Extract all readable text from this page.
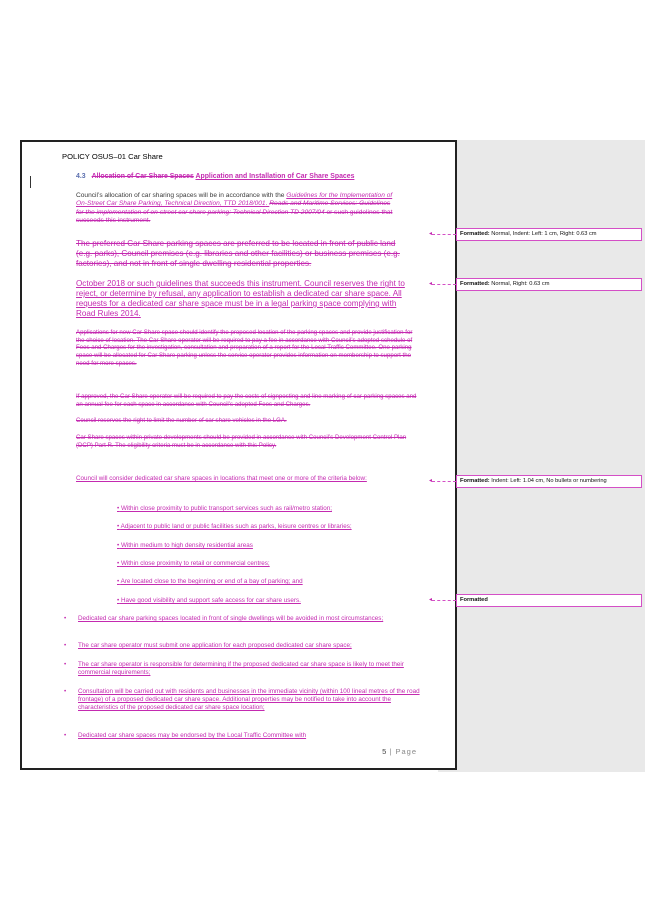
POLICY OSUS–01 Car Share
4.3 Allocation of Car Share Spaces Application and Installation of Car Share Spaces
Council’s allocation of car sharing spaces will be in accordance with the Guidelines for the Implementation of On-Street Car Share Parking, Technical Direction, TTD 2018/001. Roads and Maritime Services: Guidelines for the implementation of on-street car share parking: Technical Direction TD 2007/04 or such guidelines that succeeds this instrument.
The preferred Car Share parking spaces are preferred to be located in front of public land (e.g. parks), Council premises (e.g. libraries and other facilities) or business premises (e.g. factories), and not in front of single dwelling residential properties.
October 2018 or such guidelines that succeeds this instrument. Council reserves the right to reject, or determine by refusal, any application to establish a dedicated car share space. All requests for a dedicated car share space must be in a legal parking space complying with Road Rules 2014.
Applications for new Car Share space should identify the proposed location of the parking spaces and provide justification for the choice of location. The Car Share operator will be required to pay a fee in accordance with Council’s adopted schedule of Fees and Charges for the investigation, consultation and preparation of a report for the Local Traffic Committee. One parking space will be allocated for Car Share parking unless the service operator provides information on membership to support the need for more spaces.
If approved, the Car Share operator will be required to pay the costs of signposting and line marking of car parking spaces and an annual fee for each space in accordance with Council’s adopted Fees and Charges.
Council reserves the right to limit the number of car share vehicles in the LGA.
Car Share spaces within private developments should be provided in accordance with Council’s Development Control Plan (DCP) Part R. The eligibility criteria must be in accordance with this Policy.
Council will consider dedicated car share spaces in locations that meet one or more of the criteria below:
• Within close proximity to public transport services such as rail/metro station;
• Adjacent to public land or public facilities such as parks, leisure centres or libraries;
• Within medium to high density residential areas
• Within close proximity to retail or commercial centres;
• Are located close to the beginning or end of a bay of parking; and
• Have good visibility and support safe access for car share users.
• Dedicated car share parking spaces located in front of single dwellings will be avoided in most circumstances;
• The car share operator must submit one application for each proposed dedicated car share space;
• The car share operator is responsible for determining if the proposed dedicated car share space is likely to meet their commercial requirements;
• Consultation will be carried out with residents and businesses in the immediate vicinity (within 100 lineal metres of the road frontage) of a proposed dedicated car share space. Additional properties may be notified to take into account the characteristics of the proposed dedicated car share space location;
• Dedicated car share spaces may be endorsed by the Local Traffic Committee with
5 | Page
◂
◂
◂
◂
Formatted: Normal, Indent: Left: 1 cm, Right: 0.63 cm
Formatted: Normal, Right: 0.63 cm
Formatted: Indent: Left: 1.04 cm, No bullets or numbering
Formatted
